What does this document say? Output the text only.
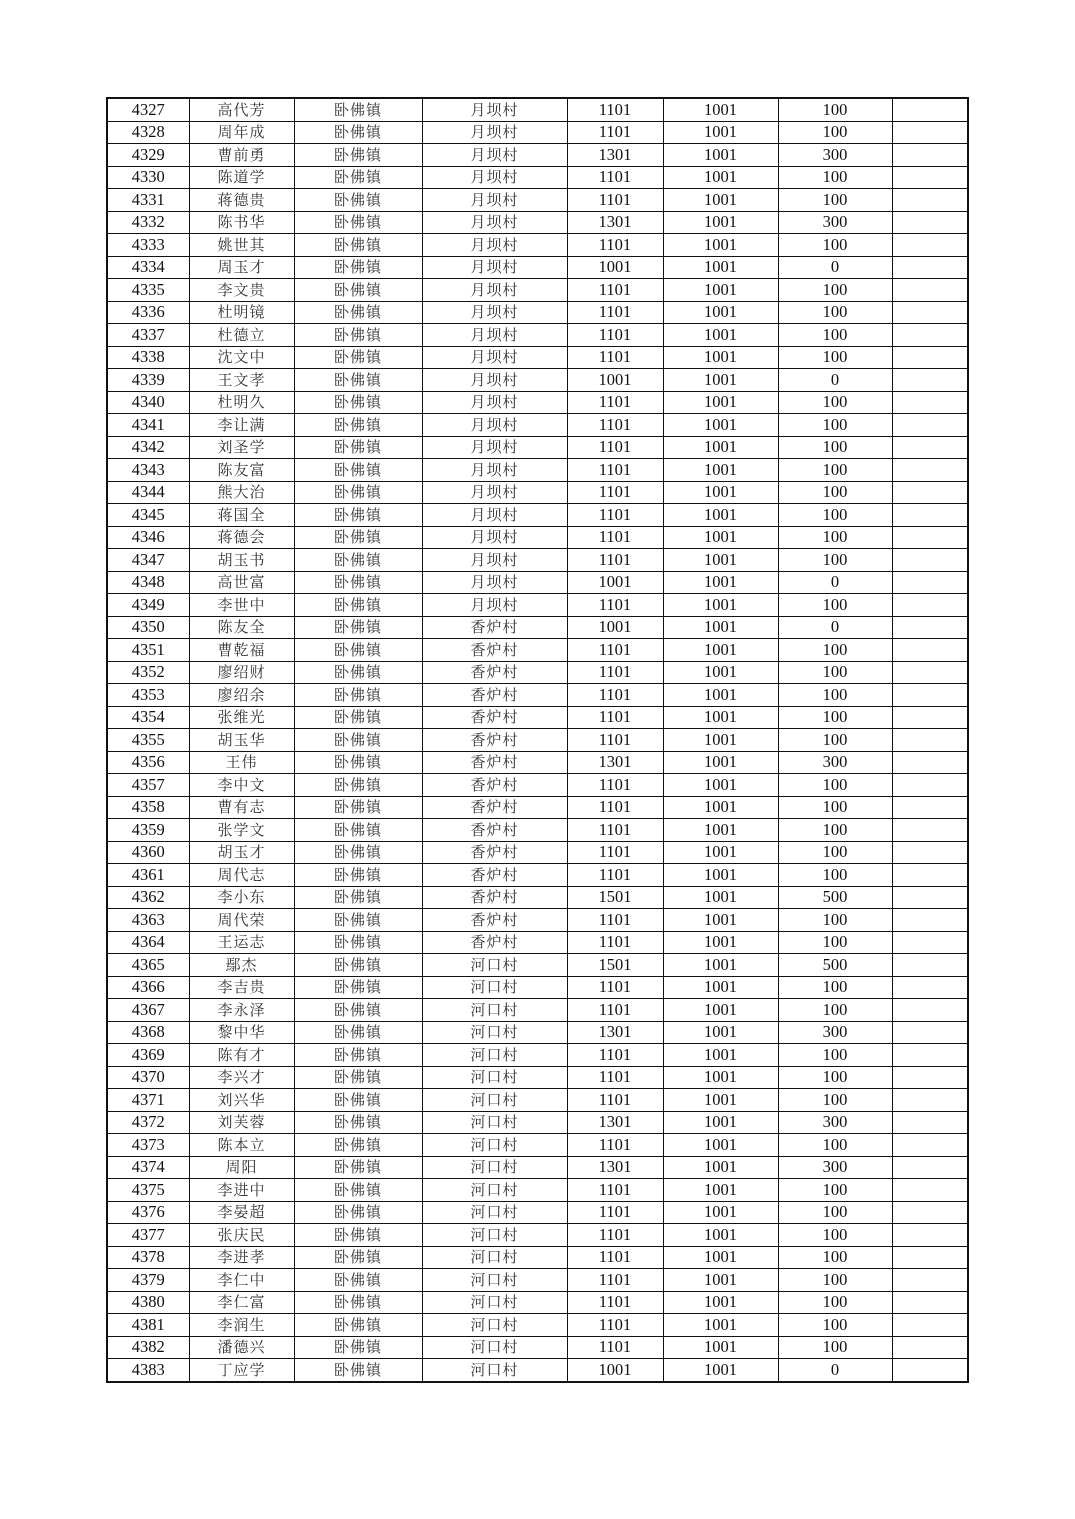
4327	高代芳	卧佛镇	月坝村	1101	1001	100	
4328	周年成	卧佛镇	月坝村	1101	1001	100	
4329	曹前勇	卧佛镇	月坝村	1301	1001	300	
4330	陈道学	卧佛镇	月坝村	1101	1001	100	
4331	蒋德贵	卧佛镇	月坝村	1101	1001	100	
4332	陈书华	卧佛镇	月坝村	1301	1001	300	
4333	姚世其	卧佛镇	月坝村	1101	1001	100	
4334	周玉才	卧佛镇	月坝村	1001	1001	0	
4335	李文贵	卧佛镇	月坝村	1101	1001	100	
4336	杜明镜	卧佛镇	月坝村	1101	1001	100	
4337	杜德立	卧佛镇	月坝村	1101	1001	100	
4338	沈文中	卧佛镇	月坝村	1101	1001	100	
4339	王文孝	卧佛镇	月坝村	1001	1001	0	
4340	杜明久	卧佛镇	月坝村	1101	1001	100	
4341	李让满	卧佛镇	月坝村	1101	1001	100	
4342	刘圣学	卧佛镇	月坝村	1101	1001	100	
4343	陈友富	卧佛镇	月坝村	1101	1001	100	
4344	熊大治	卧佛镇	月坝村	1101	1001	100	
4345	蒋国全	卧佛镇	月坝村	1101	1001	100	
4346	蒋德会	卧佛镇	月坝村	1101	1001	100	
4347	胡玉书	卧佛镇	月坝村	1101	1001	100	
4348	高世富	卧佛镇	月坝村	1001	1001	0	
4349	李世中	卧佛镇	月坝村	1101	1001	100	
4350	陈友全	卧佛镇	香炉村	1001	1001	0	
4351	曹乾福	卧佛镇	香炉村	1101	1001	100	
4352	廖绍财	卧佛镇	香炉村	1101	1001	100	
4353	廖绍余	卧佛镇	香炉村	1101	1001	100	
4354	张维光	卧佛镇	香炉村	1101	1001	100	
4355	胡玉华	卧佛镇	香炉村	1101	1001	100	
4356	王伟	卧佛镇	香炉村	1301	1001	300	
4357	李中文	卧佛镇	香炉村	1101	1001	100	
4358	曹有志	卧佛镇	香炉村	1101	1001	100	
4359	张学文	卧佛镇	香炉村	1101	1001	100	
4360	胡玉才	卧佛镇	香炉村	1101	1001	100	
4361	周代志	卧佛镇	香炉村	1101	1001	100	
4362	李小东	卧佛镇	香炉村	1501	1001	500	
4363	周代荣	卧佛镇	香炉村	1101	1001	100	
4364	王运志	卧佛镇	香炉村	1101	1001	100	
4365	鄢杰	卧佛镇	河口村	1501	1001	500	
4366	李吉贵	卧佛镇	河口村	1101	1001	100	
4367	李永泽	卧佛镇	河口村	1101	1001	100	
4368	黎中华	卧佛镇	河口村	1301	1001	300	
4369	陈有才	卧佛镇	河口村	1101	1001	100	
4370	李兴才	卧佛镇	河口村	1101	1001	100	
4371	刘兴华	卧佛镇	河口村	1101	1001	100	
4372	刘芙蓉	卧佛镇	河口村	1301	1001	300	
4373	陈本立	卧佛镇	河口村	1101	1001	100	
4374	周阳	卧佛镇	河口村	1301	1001	300	
4375	李进中	卧佛镇	河口村	1101	1001	100	
4376	李晏超	卧佛镇	河口村	1101	1001	100	
4377	张庆民	卧佛镇	河口村	1101	1001	100	
4378	李进孝	卧佛镇	河口村	1101	1001	100	
4379	李仁中	卧佛镇	河口村	1101	1001	100	
4380	李仁富	卧佛镇	河口村	1101	1001	100	
4381	李润生	卧佛镇	河口村	1101	1001	100	
4382	潘德兴	卧佛镇	河口村	1101	1001	100	
4383	丁应学	卧佛镇	河口村	1001	1001	0	
